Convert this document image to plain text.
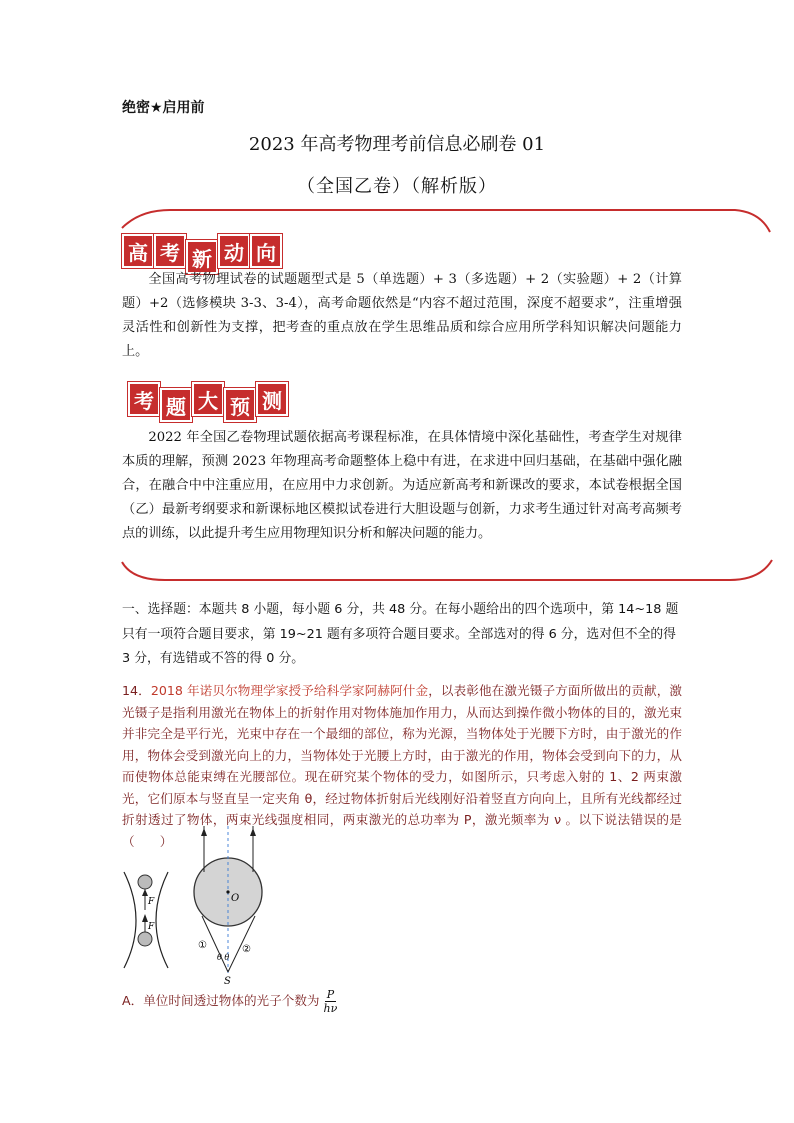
绝密★启用前
2023 年高考物理考前信息必刷卷 01
（全国乙卷）（解析版）
高 考 新 动 向

全国高考物理试卷的试题题型式是 5（单选题）+ 3（多选题）+ 2（实验题）+ 2（计算题）+2（选修模块 3-3、3-4），高考命题依然是“内容不超过范围，深度不超要求”，注重增强灵活性和创新性为支撑，把考查的重点放在学生思维品质和综合应用所学科知识解决问题能力上。

考 题 大 预 测

2022 年全国乙卷物理试题依据高考课程标准，在具体情境中深化基础性，考查学生对规律本质的理解，预测 2023 年物理高考命题整体上稳中有进，在求进中回归基础，在基础中强化融合，在融合中中注重应用，在应用中力求创新。为适应新高考和新课改的要求，本试卷根据全国（乙）最新考纲要求和新课标地区模拟试卷进行大胆设题与创新，力求考生通过针对高考高频考点的训练，以此提升考生应用物理知识分析和解决问题的能力。

一、选择题：本题共 8 小题，每小题 6 分，共 48 分。在每小题给出的四个选项中，第 14~18 题只有一项符合题目要求，第 19~21 题有多项符合题目要求。全部选对的得 6 分，选对但不全的得 3 分，有选错或不答的得 0 分。
14．2018 年诺贝尔物理学家授予给科学家阿赫阿什金，以表彰他在激光镊子方面所做出的贡献，激光镊子是指利用激光在物体上的折射作用对物体施加作用力，从而达到操作微小物体的目的，激光束并非完全是平行光，光束中存在一个最细的部位，称为光源，当物体处于光腰下方时，由于激光的作用，物体会受到激光向上的力，当物体处于光腰上方时，由于激光的作用，物体会受到向下的力，从而使物体总能束缚在光腰部位。现在研究某个物体的受力，如图所示，只考虑入射的 1、2 两束激光，它们原本与竖直呈一定夹角 θ，经过物体折射后光线刚好沿着竖直方向向上，且所有光线都经过折射透过了物体，两束光线强度相同，两束激光的总功率为 P，激光频率为 ν 。以下说法错误的是（　　）
F
F
O
①	②
θ θ
S
A．单位时间透过物体的光子个数为 $\frac{P}{h\nu}$
